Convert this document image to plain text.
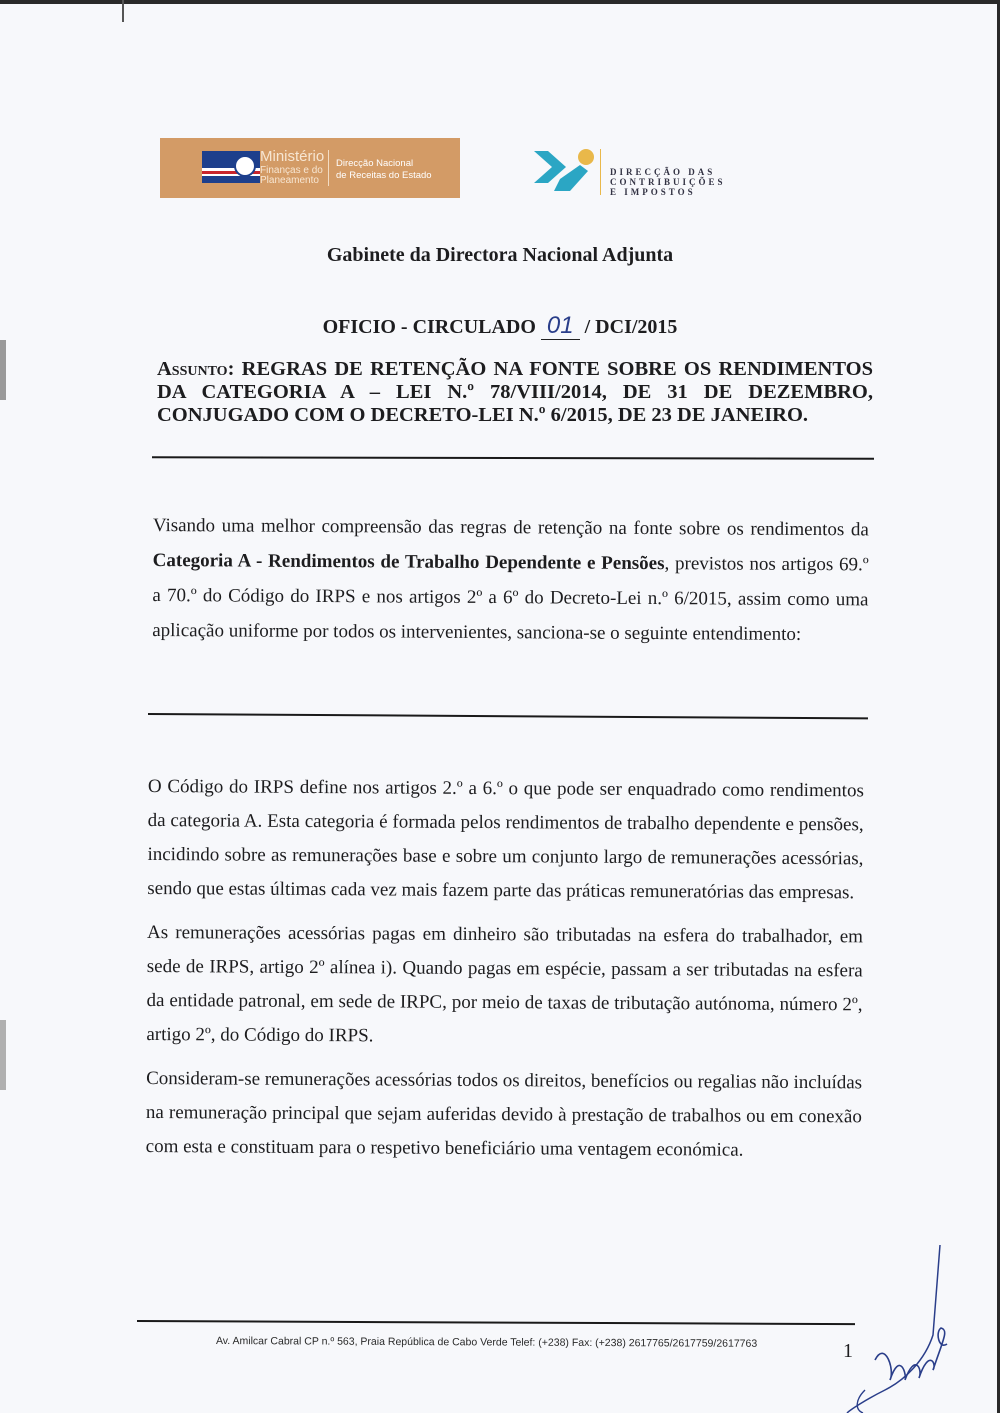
Ministério
Finanças e do
Planeamento
Direcção Nacional
de Receitas do Estado	DIRECÇÃO DAS
CONTRIBUIÇÕES
E IMPOSTOS
Gabinete da Directora Nacional Adjunta
OFICIO - CIRCULADO 01 / DCI/2015
Assunto: REGRAS DE RETENÇÃO NA FONTE SOBRE OS RENDIMENTOS DA CATEGORIA A – LEI N.º 78/VIII/2014, DE 31 DE DEZEMBRO,
CONJUGADO COM O DECRETO-LEI N.º 6/2015, DE 23 DE JANEIRO.
Visando uma melhor compreensão das regras de retenção na fonte sobre os rendimentos da Categoria A - Rendimentos de Trabalho Dependente e Pensões, previstos nos artigos 69.º a 70.º do Código do IRPS e nos artigos 2º a 6º do Decreto-Lei n.º 6/2015, assim como uma aplicação uniforme por todos os intervenientes, sanciona-se o seguinte entendimento:

O Código do IRPS define nos artigos 2.º a 6.º o que pode ser enquadrado como rendimentos da categoria A. Esta categoria é formada pelos rendimentos de trabalho dependente e pensões, incidindo sobre as remunerações base e sobre um conjunto largo de remunerações acessórias, sendo que estas últimas cada vez mais fazem parte das práticas remuneratórias das empresas.

As remunerações acessórias pagas em dinheiro são tributadas na esfera do trabalhador, em sede de IRPS, artigo 2º alínea i). Quando pagas em espécie, passam a ser tributadas na esfera da entidade patronal, em sede de IRPC, por meio de taxas de tributação autónoma, número 2º, artigo 2º, do Código do IRPS.

Consideram-se remunerações acessórias todos os direitos, benefícios ou regalias não incluídas na remuneração principal que sejam auferidas devido à prestação de trabalhos ou em conexão com esta e constituam para o respetivo beneficiário uma ventagem económica.

Av. Amilcar Cabral CP n.º 563, Praia República de Cabo Verde Telef: (+238) Fax: (+238) 2617765/2617759/2617763	1
